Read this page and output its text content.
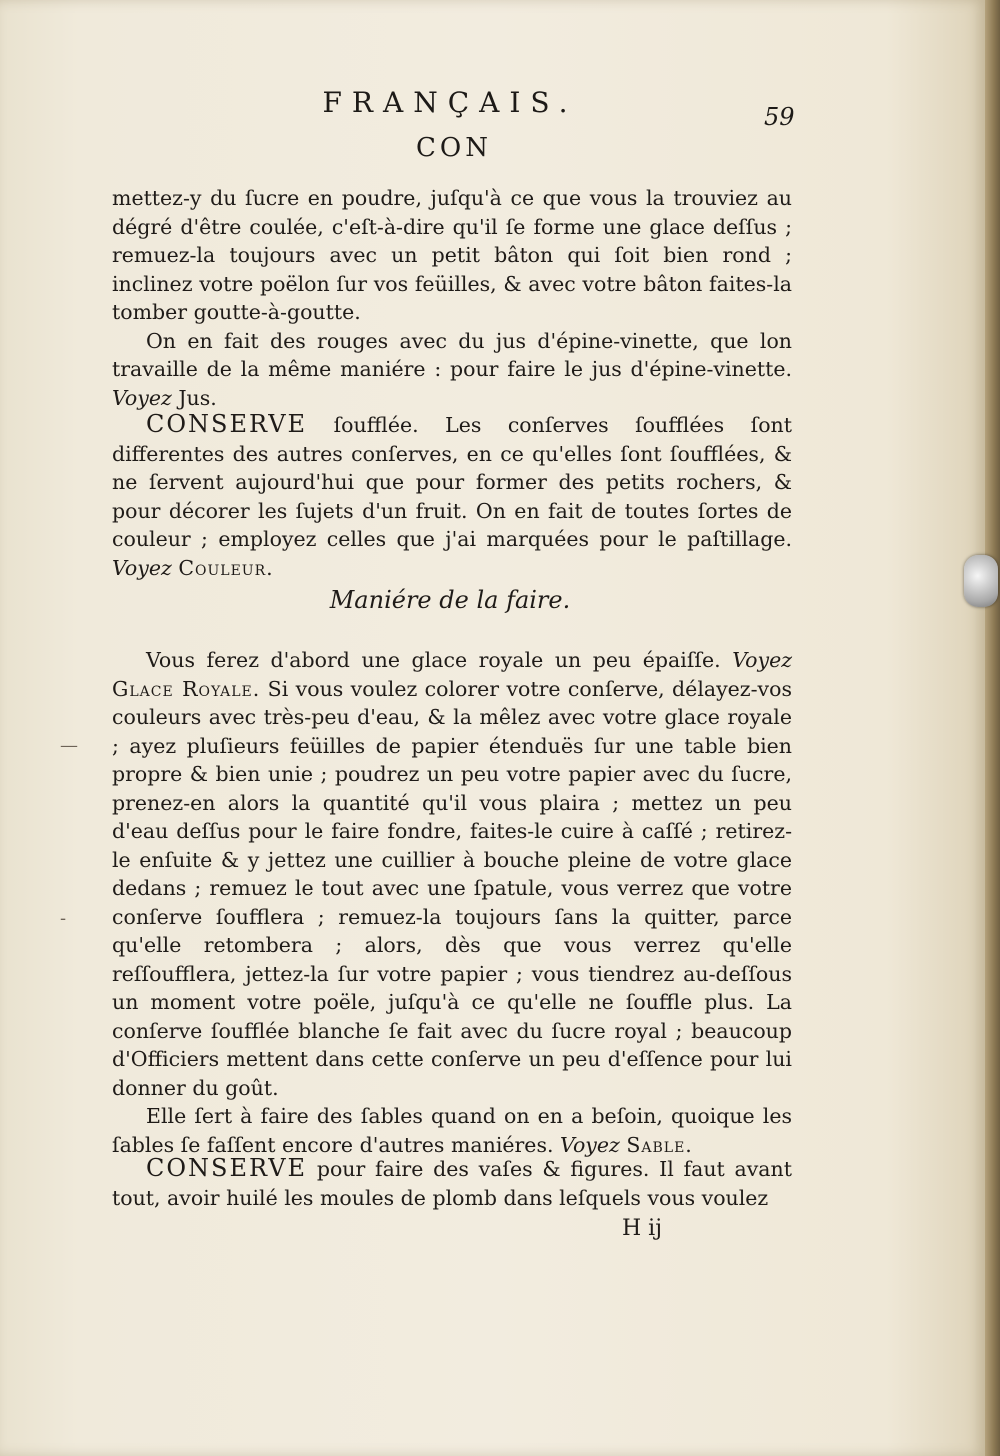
FRANÇAIS.	59
CON

mettez-y du ſucre en poudre, juſqu'à ce que vous la trouviez au dégré d'être coulée, c'eſt-à-dire qu'il ſe forme une glace deſſus ; remuez-la toujours avec un petit bâton qui ſoit bien rond ; inclinez votre poëlon ſur vos feüilles, & avec votre bâton faites-la tomber goutte-à-goutte.

On en fait des rouges avec du jus d'épine-vinette, que lon travaille de la même maniére : pour faire le jus d'épine-vinette. Voyez Jus.

CONSERVE ſoufflée. Les conſerves ſoufflées ſont differentes des autres conſerves, en ce qu'elles ſont ſoufflées, & ne ſervent aujourd'hui que pour former des petits rochers, & pour décorer les ſujets d'un fruit. On en fait de toutes ſortes de couleur ; employez celles que j'ai marquées pour le paſtillage. Voyez Couleur.

Maniére de la faire.

Vous ferez d'abord une glace royale un peu épaiſſe. Voyez Glace Royale. Si vous voulez colorer votre conſerve, délayez-vos couleurs avec très-peu d'eau, & la mêlez avec votre glace royale ; ayez pluſieurs feüilles de papier étenduës ſur une table bien propre & bien unie ; poudrez un peu votre papier avec du ſucre, prenez-en alors la quantité qu'il vous plaira ; mettez un peu d'eau deſſus pour le faire fondre, faites-le cuire à caſſé ; retirez-le enſuite & y jettez une cuillier à bouche pleine de votre glace dedans ; remuez le tout avec une ſpatule, vous verrez que votre conſerve ſoufflera ; remuez-la toujours ſans la quitter, parce qu'elle retombera ; alors, dès que vous verrez qu'elle reſſoufflera, jettez-la ſur votre papier ; vous tiendrez au-deſſous un moment votre poële, juſqu'à ce qu'elle ne ſouffle plus. La conſerve ſoufflée blanche ſe fait avec du ſucre royal ; beaucoup d'Officiers mettent dans cette conſerve un peu d'eſſence pour lui donner du goût.

Elle ſert à faire des ſables quand on en a beſoin, quoique les ſables ſe faſſent encore d'autres maniéres. Voyez Sable.

CONSERVE pour faire des vaſes & figures. Il faut avant tout, avoir huilé les moules de plomb dans leſquels vous voulez

H ij
—
‐
